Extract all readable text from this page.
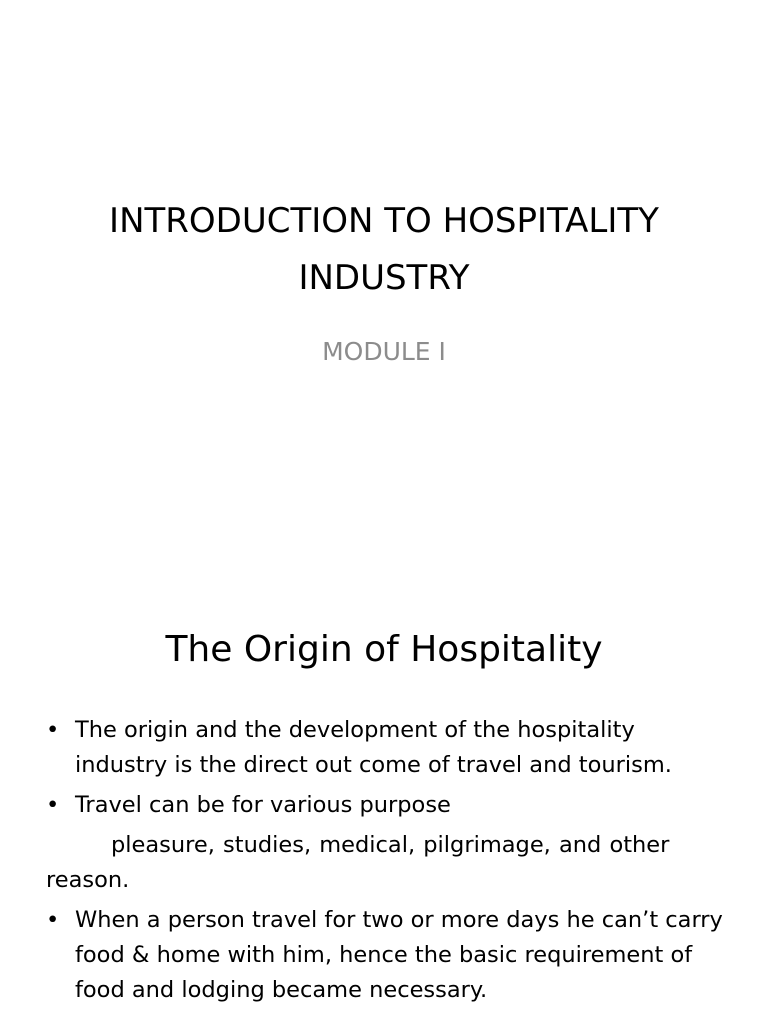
INTRODUCTION TO HOSPITALITY INDUSTRY

MODULE I

The Origin of Hospitality
• The origin and the development of the hospitality industry is the direct out come of travel and tourism.
• Travel can be for various purpose
pleasure, studies, medical, pilgrimage, and other reason.
• When a person travel for two or more days he can’t carry food & home with him, hence the basic requirement of food and lodging became necessary.
